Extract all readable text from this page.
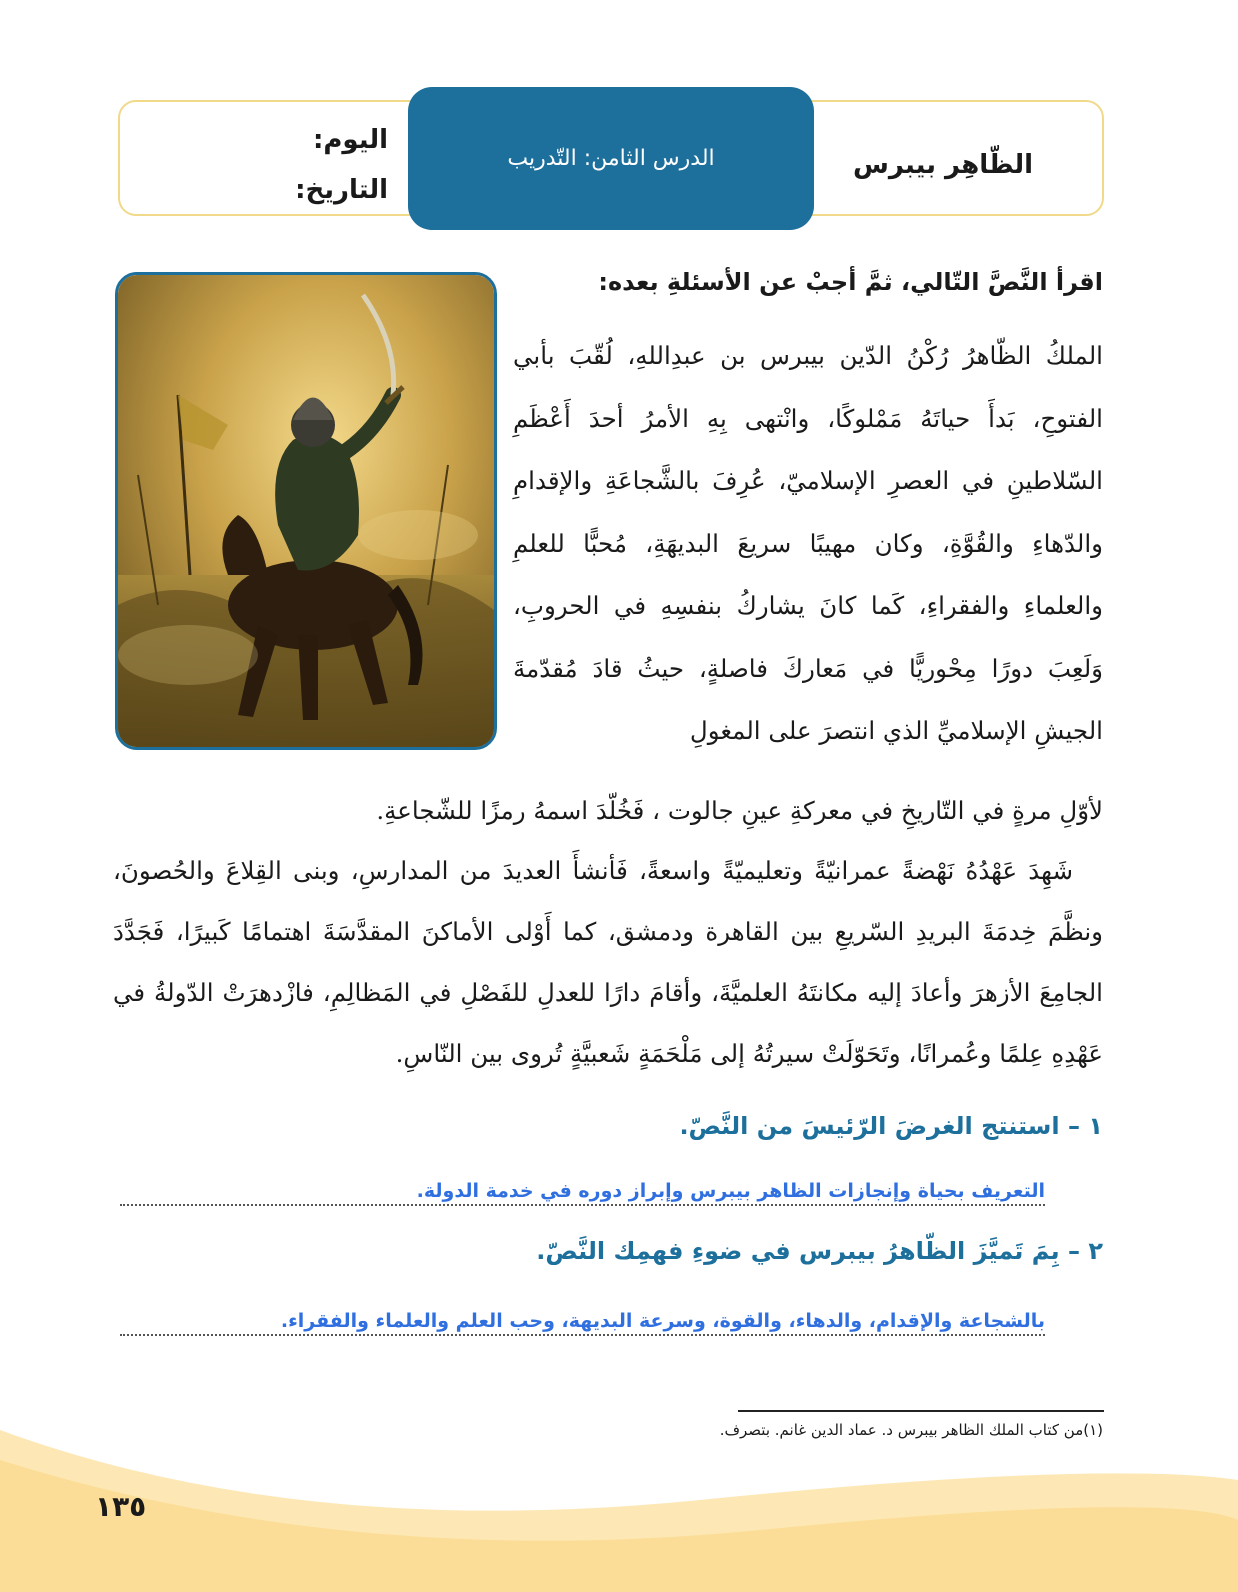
اليوم:
التاريخ:
الدرس الثامن: التّدريب	الظّاهِر بيبرس
اقرأ النَّصَّ التّالي، ثمَّ أجبْ عن الأسئلةِ بعده:
الملكُ الظّاهرُ رُكْنُ الدّين بيبرس بن عبدِاللهِ، لُقّبَ بأبي الفتوحِ، بَدأَ حياتَهُ مَمْلوكًا، وانْتهى بِهِ الأمرُ أحدَ أَعْظَمِ السّلاطينِ في العصرِ الإسلاميّ، عُرِفَ بالشَّجاعَةِ والإقدامِ والدّهاءِ والقُوَّةِ، وكان مهيبًا سريعَ البديهَةِ، مُحبًّا للعلمِ والعلماءِ والفقراءِ، كَما كانَ يشاركُ بنفسِهِ في الحروبِ، وَلَعِبَ دورًا مِحْوريًّا في مَعاركَ فاصلةٍ، حيثُ قادَ مُقدّمةَ الجيشِ الإسلاميِّ الذي انتصرَ على المغولِ
لأوّلِ مرةٍ في التّاريخِ في معركةِ عينِ جالوت ، فَخُلّدَ اسمهُ رمزًا للشّجاعةِ.
شَهِدَ عَهْدُهُ نَهْضةً عمرانيّةً وتعليميّةً واسعةً، فَأنشأَ العديدَ من المدارسِ، وبنى القِلاعَ والحُصونَ، ونظَّمَ خِدمَةَ البريدِ السّريعِ بين القاهرة ودمشق، كما أَوْلى الأماكنَ المقدَّسَةَ اهتمامًا كَبيرًا، فَجَدَّدَ الجامِعَ الأزهرَ وأعادَ إليه مكانتَهُ العلميَّةَ، وأقامَ دارًا للعدلِ للفَصْلِ في المَظالِمِ، فازْدهرَتْ الدّولةُ في عَهْدِهِ عِلمًا وعُمرانًا، وتَحَوّلَتْ سيرتُهُ إلى مَلْحَمَةٍ شَعبيَّةٍ تُروى بين النّاسِ.
١ – استنتج الغرضَ الرّئيسَ من النَّصّ.
التعريف بحياة وإنجازات الظاهر بيبرس وإبراز دوره في خدمة الدولة.
٢ – بِمَ تَميَّزَ الظّاهرُ بيبرس في ضوءِ فهمِك النَّصّ.
بالشجاعة والإقدام، والدهاء، والقوة، وسرعة البديهة، وحب العلم والعلماء والفقراء.
(١)من كتاب الملك الظاهر بيبرس د. عماد الدين غانم. بتصرف.
١٣٥
